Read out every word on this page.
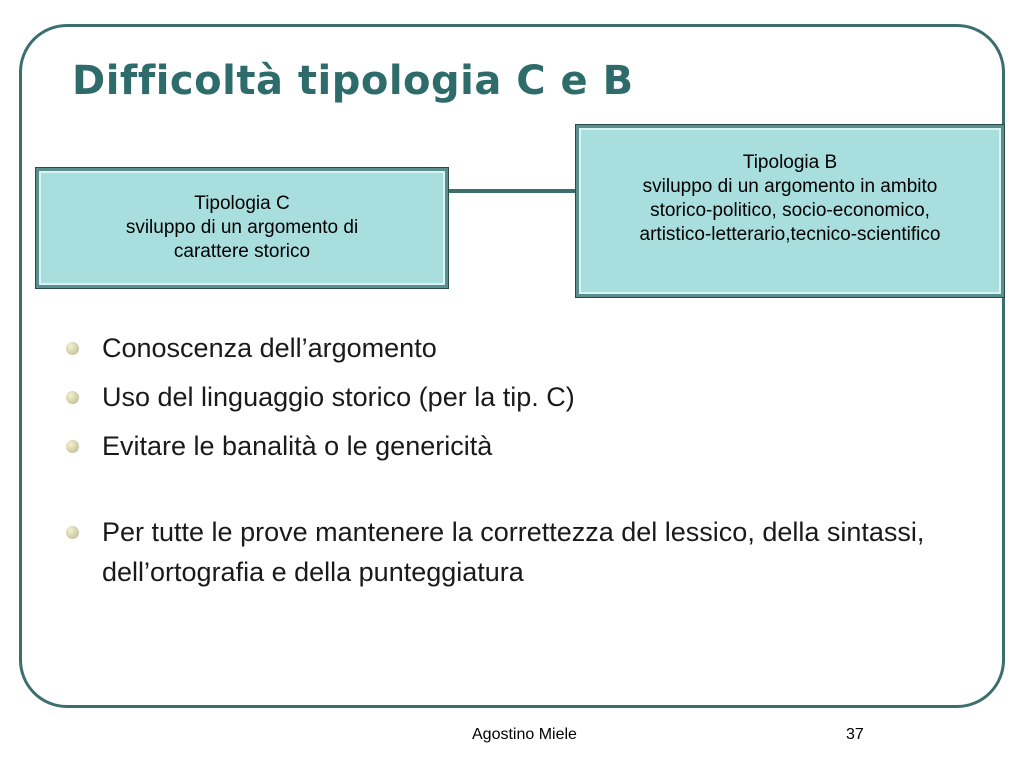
Difficoltà tipologia C e B
Tipologia C
sviluppo di un argomento di
carattere storico
Tipologia B
sviluppo di un argomento in ambito
storico-politico, socio-economico,
artistico-letterario,tecnico-scientifico
Conoscenza dell’argomento
Uso del linguaggio storico (per la tip. C)
Evitare le banalità o le genericità
Per tutte le prove mantenere la correttezza del lessico, della sintassi, dell’ortografia e della punteggiatura
Agostino Miele	37
